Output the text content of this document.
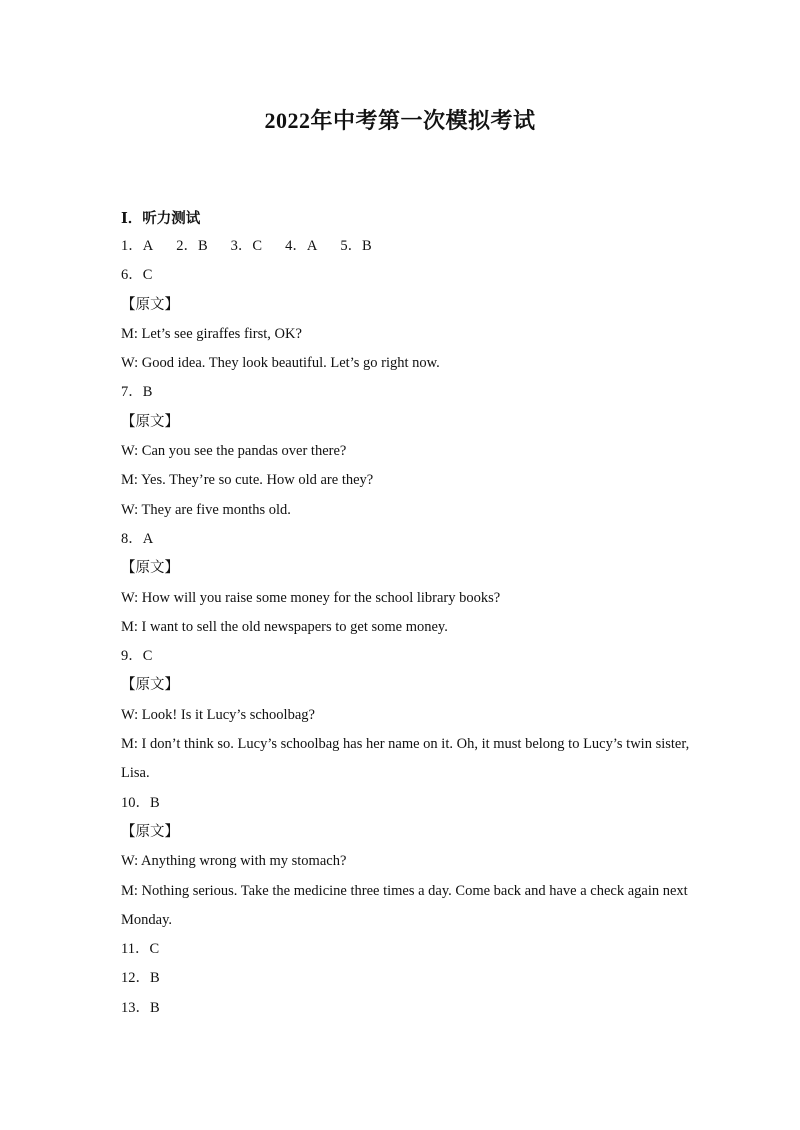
2022年中考第一次模拟考试
Ⅰ．听力测试
1．A 2．B 3．C 4．A 5．B
6．C
【原文】
M: Let’s see giraffes first, OK?
W: Good idea. They look beautiful. Let’s go right now.
7．B
【原文】
W: Can you see the pandas over there?
M: Yes. They’re so cute. How old are they?
W: They are five months old.
8．A
【原文】
W: How will you raise some money for the school library books?
M: I want to sell the old newspapers to get some money.
9．C
【原文】
W: Look! Is it Lucy’s schoolbag?
M: I don’t think so. Lucy’s schoolbag has her name on it. Oh, it must belong to Lucy’s twin sister,
Lisa.
10．B
【原文】
W: Anything wrong with my stomach?
M: Nothing serious. Take the medicine three times a day. Come back and have a check again next
Monday.
11．C
12．B
13．B
